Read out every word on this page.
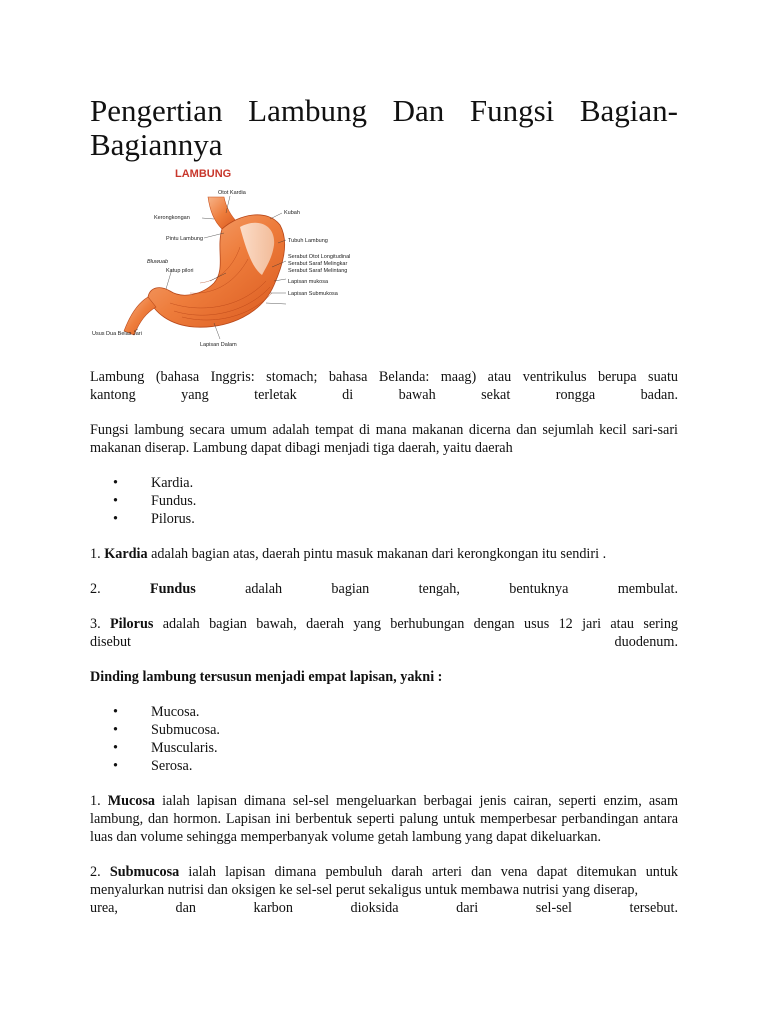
Pengertian Lambung Dan Fungsi Bagian-Bagiannya
LAMBUNG
Otot Kardia
Kerongkongan
Kubah
Pintu Lambung	Tubuh Lambung
Bluwuab
Katup pilori
Serabut Otot Longitudinal
Serabut Saraf Melingkar
Serabut Saraf Melintang
Lapisan mukosa
Lapisan Submukosa
Usus Dua Belas Jari
Lapisan Dalam

Lambung (bahasa Inggris: stomach; bahasa Belanda: maag) atau ventrikulus berupa suatu
kantong yang terletak di bawah sekat rongga badan.

Fungsi lambung secara umum adalah tempat di mana makanan dicerna dan sejumlah kecil sari-sari makanan diserap. Lambung dapat dibagi menjadi tiga daerah, yaitu daerah

• Kardia.
• Fundus.
• Pilorus.

1. Kardia adalah bagian atas, daerah pintu masuk makanan dari kerongkongan itu sendiri .

2.	Fundus	adalah bagian tengah, bentuknya membulat.

3. Pilorus adalah bagian bawah, daerah yang berhubungan dengan usus 12 jari atau sering
disebut duodenum.

Dinding lambung tersusun menjadi empat lapisan, yakni :

• Mucosa.
• Submucosa.
• Muscularis.
• Serosa.

1. Mucosa ialah lapisan dimana sel-sel mengeluarkan berbagai jenis cairan, seperti enzim, asam lambung, dan hormon. Lapisan ini berbentuk seperti palung untuk memperbesar perbandingan antara luas dan volume sehingga memperbanyak volume getah lambung yang dapat dikeluarkan.

2. Submucosa ialah lapisan dimana pembuluh darah arteri dan vena dapat ditemukan untuk menyalurkan nutrisi dan oksigen ke sel-sel perut sekaligus untuk membawa nutrisi yang diserap,
urea, dan karbon dioksida dari sel-sel tersebut.
